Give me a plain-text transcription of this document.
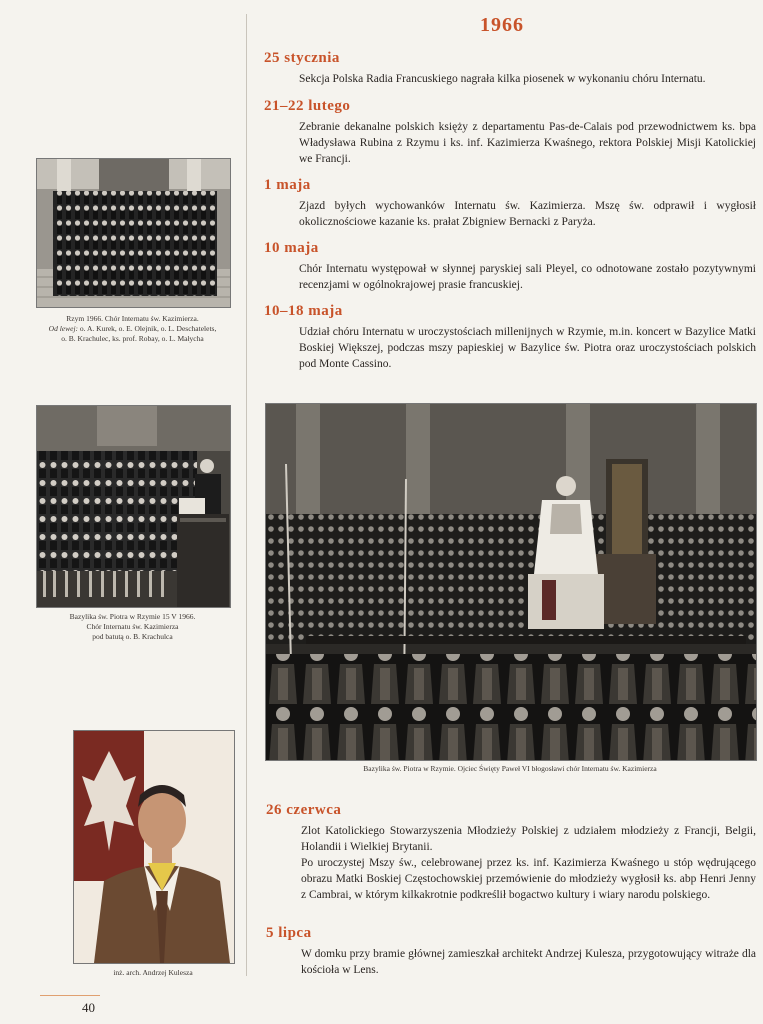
1966
25 stycznia

Sekcja Polska Radia Francuskiego nagrała kilka piosenek w wykonaniu chóru Internatu.

21–22 lutego

Zebranie dekanalne polskich księży z departamentu Pas-de-Calais pod przewodnictwem ks. bpa Władysława Rubina z Rzymu i ks. inf. Kazimierza Kwaśnego, rektora Polskiej Misji Katolickiej we Francji.

1 maja

Zjazd byłych wychowanków Internatu św. Kazimierza. Mszę św. odprawił i wygłosił okolicznościowe kazanie ks. prałat Zbigniew Bernacki z Paryża.

10 maja

Chór Internatu występował w słynnej paryskiej sali Pleyel, co odnotowane zostało pozytywnymi recenzjami w ogólnokrajowej prasie francuskiej.

10–18 maja

Udział chóru Internatu w uroczystościach millenijnych w Rzymie, m.in. koncert w Bazylice Matki Boskiej Większej, podczas mszy papieskiej w Bazylice św. Piotra oraz uroczystościach polskich pod Monte Cassino.

26 czerwca

Zlot Katolickiego Stowarzyszenia Młodzieży Polskiej z udziałem młodzieży z Francji, Belgii, Holandii i Wielkiej Brytanii.

Po uroczystej Mszy św., celebrowanej przez ks. inf. Kazimierza Kwaśnego u stóp wędrującego obrazu Matki Boskiej Częstochowskiej przemówienie do młodzieży wygłosił ks. abp Henri Jenny z Cambrai, w którym kilkakrotnie podkreślił bogactwo kultury i wiary narodu polskiego.

5 lipca

W domku przy bramie głównej zamieszkał architekt Andrzej Kulesza, przygotowujący witraże dla kościoła w Lens.

Rzym 1966. Chór Internatu św. Kazimierza.
Od lewej: o. A. Kurek, o. E. Olejnik, o. L. Deschatelets,
o. B. Krachulec, ks. prof. Robay, o. L. Małycha
Bazylika św. Piotra w Rzymie 15 V 1966.
Chór Internatu św. Kazimierza
pod batutą o. B. Krachulca
Bazylika św. Piotra w Rzymie. Ojciec Święty Paweł VI błogosławi chór Internatu św. Kazimierza
inż. arch. Andrzej Kulesza
40
